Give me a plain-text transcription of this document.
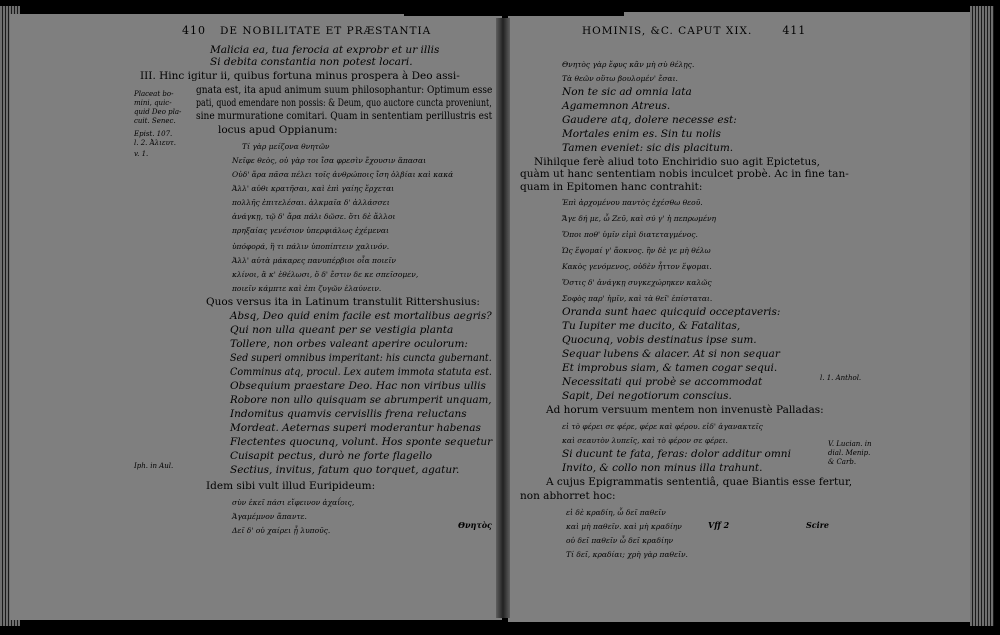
410 DE NOBILITATE ET PRÆSTANTIA	HOMINIS, &C. CAPUT XIX.	411
Malicia ea, tua ferocia at exprobr et ur illis
Si debita constantia non potest locari.
III. Hinc igitur ii, quibus fortuna minus prospera à Deo assi-
gnata est, ita apud animum suum philosophantur: Optimum esse
pati, quod emendare non possis: & Deum, quo auctore cuncta proveniunt,
sine murmuratione comitari. Quam in sententiam perillustris est
locus apud Oppianum:
Τί γὰρ μείζονα θνητῶν
Νεῖφε θεὸς, οὐ γὰρ τοι ἴσα φρεσὶν ἔχουσιν ἅπασαι
Οὐδ' ἄρα πᾶσα πέλει τοῖς ἀνθρώποις ἴση ὁλβίαι καὶ κακά
Ἀλλ' αὐθι κρατῆσαι, καὶ ἐπὶ γαίης ἔρχεται
πολλῆς ἐπιτελέσαι. ἀλκμαῖα δ' ἀλλάσσει
ἀνάγκῃ, τῷ δ' ἄρα πάλι δῶσε. ὅτι δὲ ἄλλοι
πρηξαίας γενέσιον ὑπερφιάλως ἐχέμεναι
ὑπόφορά, ἢ τι πάλιν ὑποπίπτειν χαλινόν.
Ἀλλ' αὐτὰ μάκαρες πανυπέρβιοι οἷα ποιεῖν
κλίνοι, ἃ κ' ἐθέλωσι, ὅ δ' ἔστιν δε κε σπεῖσομεν,
ποιεῖν κάμπτε καὶ ἐπι ζυγῶν ἐλαύνειν.
Quos versus ita in Latinum transtulit Rittershusius:
Absq, Deo quid enim facile est mortalibus aegris?
Qui non ulla queant per se vestigia planta
Tollere, non orbes valeant aperire oculorum:
Sed superi omnibus imperitant: his cuncta gubernant.
Comminus atq, procul. Lex autem immota statuta est.
Obsequium praestare Deo. Hac non viribus ullis
Robore non ullo quisquam se abrumperit unquam,
Indomitus quamvis cervisllis frena reluctans
Mordeat. Aeternas superi moderantur habenas
Flectentes quocunq, volunt. Hos sponte sequetur
Cuisapit pectus, durò ne forte flagello
Sectius, invitus, fatum quo torquet, agatur.
Idem sibi vult illud Euripideum:
σὺν ἐκεῖ πάσι εἴφεινον ἀχαΐοις,
Ἀγαμέμνον ἄπαντε.
Δεῖ δ' οὐ χαίρει ᾗ λυποῦς.
Placeat bo-
mini, quic-
quid Deo pla-
cuit. Senec.
Epist. 107.
l. 2. Ἀλιευτ.
v. 1.
Iph. in Aul.
Θνητὸς
Θνητὸς γὰρ ἔφυς κἂν μὴ σὺ θέλῃς.
Τὰ θεῶν οὕτω βουλομέν' ἔσαι.
Non te sic ad omnia lata
Agamemnon Atreus.
Gaudere atq, dolere necesse est:
Mortales enim es. Sin tu nolis
Tamen eveniet: sic dis placitum.
Nihilque ferè aliud toto Enchiridio suo agit Epictetus,
quàm ut hanc sententiam nobis inculcet probè. Ac in fine tan-
quam in Epitomen hanc contrahit:
Ἐπὶ ἀρχομένου παντὸς ἐχέσθω θεοῦ.
Ἄγε δή με, ὦ Ζεῦ, καὶ σύ γ' ἡ πεπρωμένη
Ὅποι ποθ' ὑμῖν εἰμὶ διατεταγμένος.
Ὡς ἕψομαί γ' ἄοκνος. ἢν δὲ γε μὴ θέλω
Κακὸς γενόμενος, οὐδὲν ἧττον ἕψομαι.
Ὅστις δ' ἀνάγκῃ συγκεχώρηκεν καλῶς
Σοφὸς παρ' ἡμῖν, καὶ τὰ θεῖ' ἐπίσταται.
Oranda sunt haec quicquid occeptaveris:
Tu Iupiter me ducito, & Fatalitas,
Quocunq, vobis destinatus ipse sum.
Sequar lubens & alacer. At si non sequar
Et improbus siam, & tamen cogar sequi.
Necessitati qui probè se accommodat
Sapit, Dei negotiorum conscius.
Ad horum versuum mentem non invenustè Palladas:
εἰ τὸ φέρει σε φέρε, φέρε καὶ φέρου. εἰδ' ἀγανακτεῖς
καὶ σεαυτὸν λυπεῖς, καὶ τὸ φέρον σε φέρει.
Si ducunt te fata, feras: dolor additur omni
Invito, & collo non minus illa trahunt.
A cujus Epigrammatis sententiâ, quae Biantis esse fertur,
non abhorret hoc:
εἰ δὲ κραδίη, ὦ δεῖ παθεῖν
καὶ μὴ παθεῖν. καὶ μὴ κραδίην
οὐ δεῖ παθεῖν ὦ δεῖ κραδίην
Τί δεῖ, κραδίαι; χρὴ γὰρ παθεῖν.
l. 1. Anthol.
V. Lucian. in
dial. Menip.
& Carb.
Scire
Vff 2
